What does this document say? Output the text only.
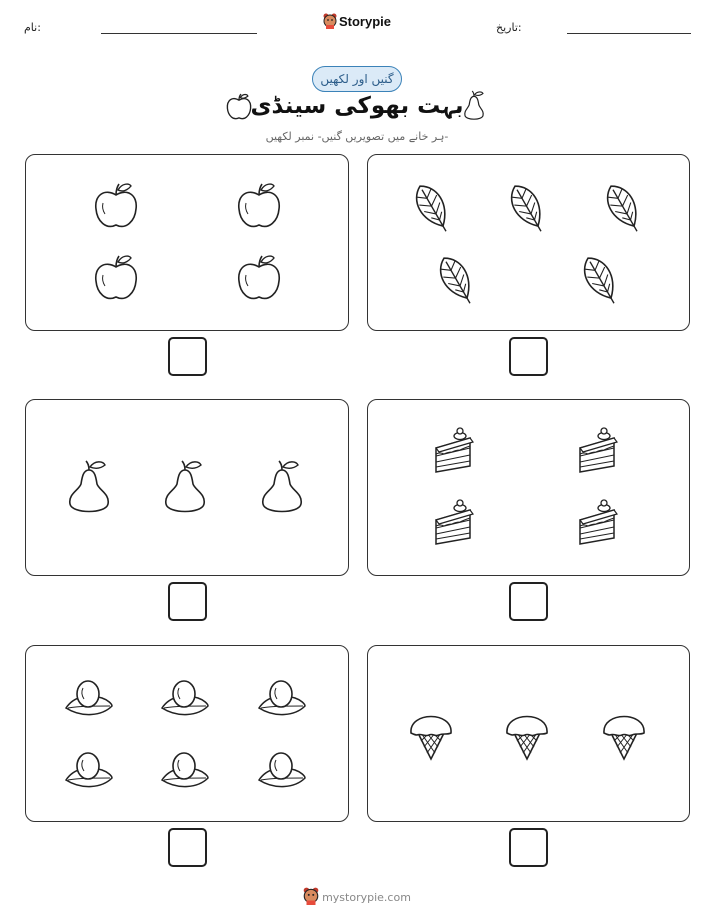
نام:	Storypie	تاریخ:
گنیں اور لکھیں
بہت بھوکی سینڈی
ہر خانے میں تصویریں گنیں- نمبر لکھیں-
mystorypie.com
